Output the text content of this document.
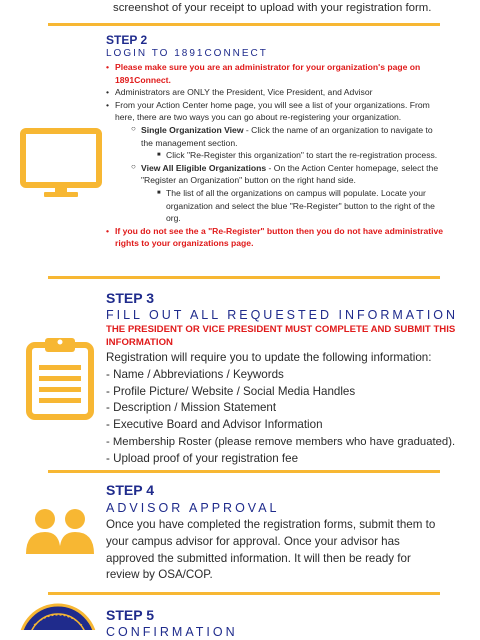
screenshot of your receipt to upload with your registration form.
STEP 2
LOGIN TO 1891CONNECT
• Please make sure you are an administrator for your organization's page on 1891Connect.
• Administrators are ONLY the President, Vice President, and Advisor
• From your Action Center home page, you will see a list of your organizations. From here, there are two ways you can go about re-registering your organization.
○ Single Organization View - Click the name of an organization to navigate to the management section.
■ Click "Re-Register this organization" to start the re-registration process.
○ View All Eligible Organizations - On the Action Center homepage, select the "Register an Organization" button on the right hand side.
■ The list of all the organizations on campus will populate. Locate your organization and select the blue "Re-Register" button to the right of the org.
• If you do not see the a "Re-Register" button then you do not have administrative rights to your organizations page.
STEP 3
FILL OUT ALL REQUESTED INFORMATION
THE PRESIDENT OR VICE PRESIDENT MUST COMPLETE AND SUBMIT THIS INFORMATION
Registration will require you to update the following information:
- Name / Abbreviations / Keywords
- Profile Picture/ Website / Social Media Handles
- Description / Mission Statement
- Executive Board and Advisor Information
- Membership Roster (please remove members who have graduated).
- Upload proof of your registration fee
STEP 4
ADVISOR APPROVAL
Once you have completed the registration forms, submit them to your campus advisor for approval. Once your advisor has approved the submitted information. It will then be ready for review by OSA/COP.
STEP 5
CONFIRMATION
